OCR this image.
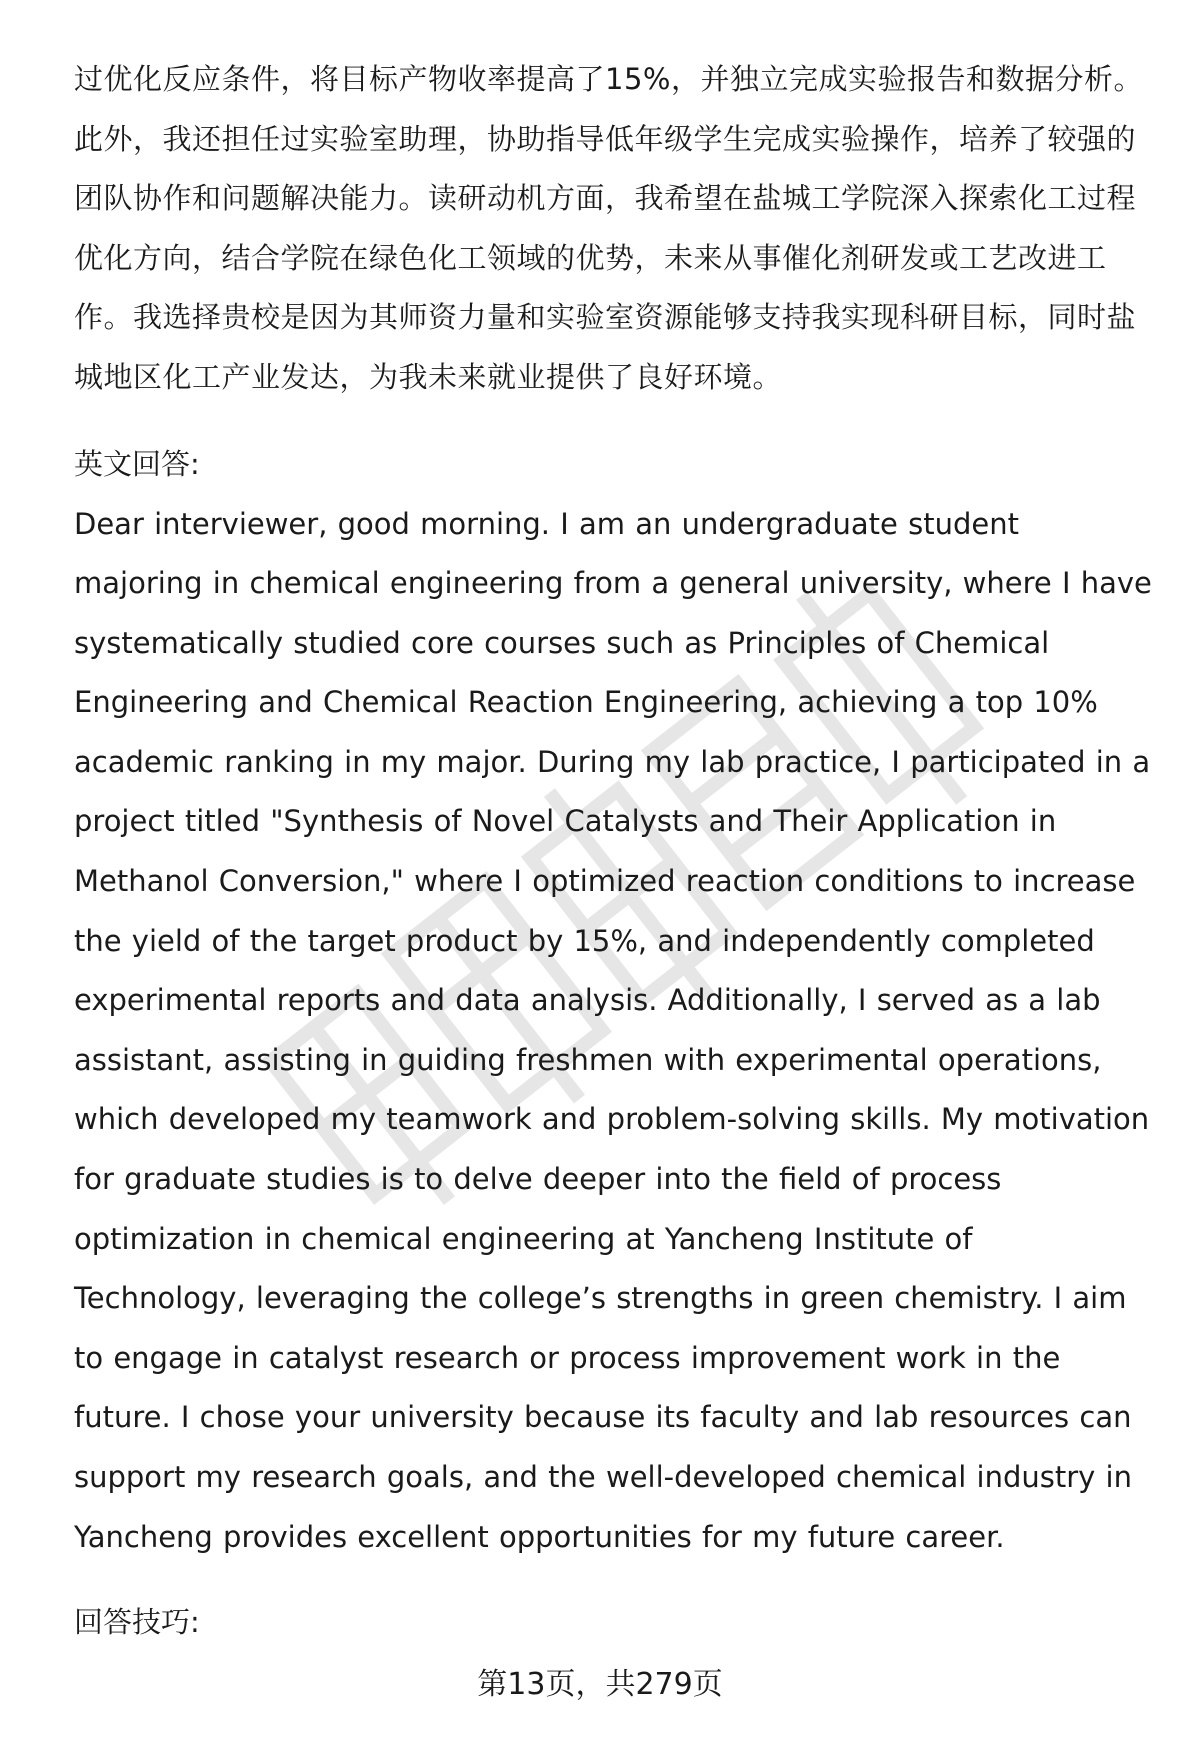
过优化反应条件，将目标产物收率提高了15%，并独立完成实验报告和数据分析。此外，我还担任过实验室助理，协助指导低年级学生完成实验操作，培养了较强的团队协作和问题解决能力。读研动机方面，我希望在盐城工学院深入探索化工过程优化方向，结合学院在绿色化工领域的优势，未来从事催化剂研发或工艺改进工作。我选择贵校是因为其师资力量和实验室资源能够支持我实现科研目标，同时盐城地区化工产业发达，为我未来就业提供了良好环境。

英文回答:

Dear interviewer, good morning. I am an undergraduate student majoring in chemical engineering from a general university, where I have systematically studied core courses such as Principles of Chemical Engineering and Chemical Reaction Engineering, achieving a top 10% academic ranking in my major. During my lab practice, I participated in a project titled "Synthesis of Novel Catalysts and Their Application in Methanol Conversion," where I optimized reaction conditions to increase the yield of the target product by 15%, and independently completed experimental reports and data analysis. Additionally, I served as a lab assistant, assisting in guiding freshmen with experimental operations, which developed my teamwork and problem-solving skills. My motivation for graduate studies is to delve deeper into the field of process optimization in chemical engineering at Yancheng Institute of Technology, leveraging the college’s strengths in green chemistry. I aim to engage in catalyst research or process improvement work in the future. I chose your university because its faculty and lab resources can support my research goals, and the well-developed chemical industry in Yancheng provides excellent opportunities for my future career.

回答技巧:

第13页，共279页
